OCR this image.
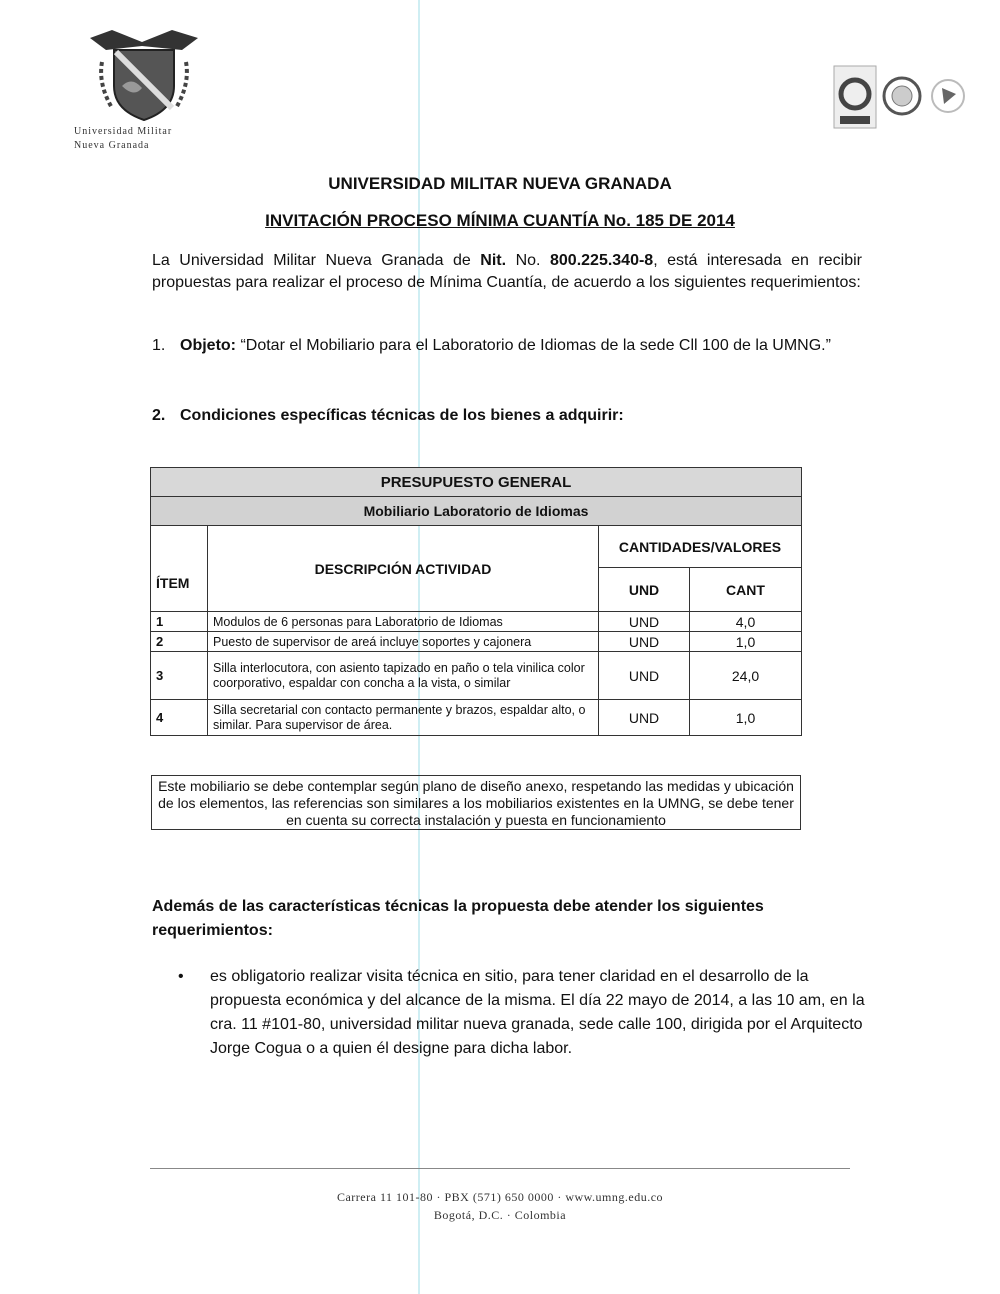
Universidad Militar
Nueva Granada
UNIVERSIDAD MILITAR NUEVA GRANADA
INVITACIÓN PROCESO MÍNIMA CUANTÍA No. 185 DE 2014
La Universidad Militar Nueva Granada de Nit. No. 800.225.340-8, está interesada en recibir propuestas para realizar el proceso de Mínima Cuantía, de acuerdo a los siguientes requerimientos:
1. Objeto: “Dotar el Mobiliario para el Laboratorio de Idiomas de la sede Cll 100 de la UMNG.”
2. Condiciones específicas técnicas de los bienes a adquirir:
PRESUPUESTO GENERAL			
Mobiliario Laboratorio de Idiomas			
ÍTEM	DESCRIPCIÓN ACTIVIDAD	CANTIDADES/VALORES	
		UND	CANT
1	Modulos de 6 personas para Laboratorio de Idiomas	UND	4,0
2	Puesto de supervisor de areá incluye soportes y cajonera	UND	1,0
3	Silla interlocutora, con asiento tapizado en paño o tela vinilica color coorporativo, espaldar con concha a la vista, o similar	UND	24,0
4	Silla secretarial con contacto permanente y brazos, espaldar alto, o similar. Para supervisor de área.	UND	1,0
Este mobiliario se debe contemplar según plano de diseño anexo, respetando las medidas y ubicación de los elementos, las referencias son similares a los mobiliarios existentes en la UMNG, se debe tener en cuenta su correcta instalación y puesta en funcionamiento
Además de las características técnicas la propuesta debe atender los siguientes requerimientos:
• es obligatorio realizar visita técnica en sitio, para tener claridad en el desarrollo de la propuesta económica y del alcance de la misma. El día 22 mayo de 2014, a las 10 am, en la cra. 11 #101-80, universidad militar nueva granada, sede calle 100, dirigida por el Arquitecto Jorge Cogua o a quien él designe para dicha labor.
Carrera 11 101-80 · PBX (571) 650 0000 · www.umng.edu.co
Bogotá, D.C. · Colombia
